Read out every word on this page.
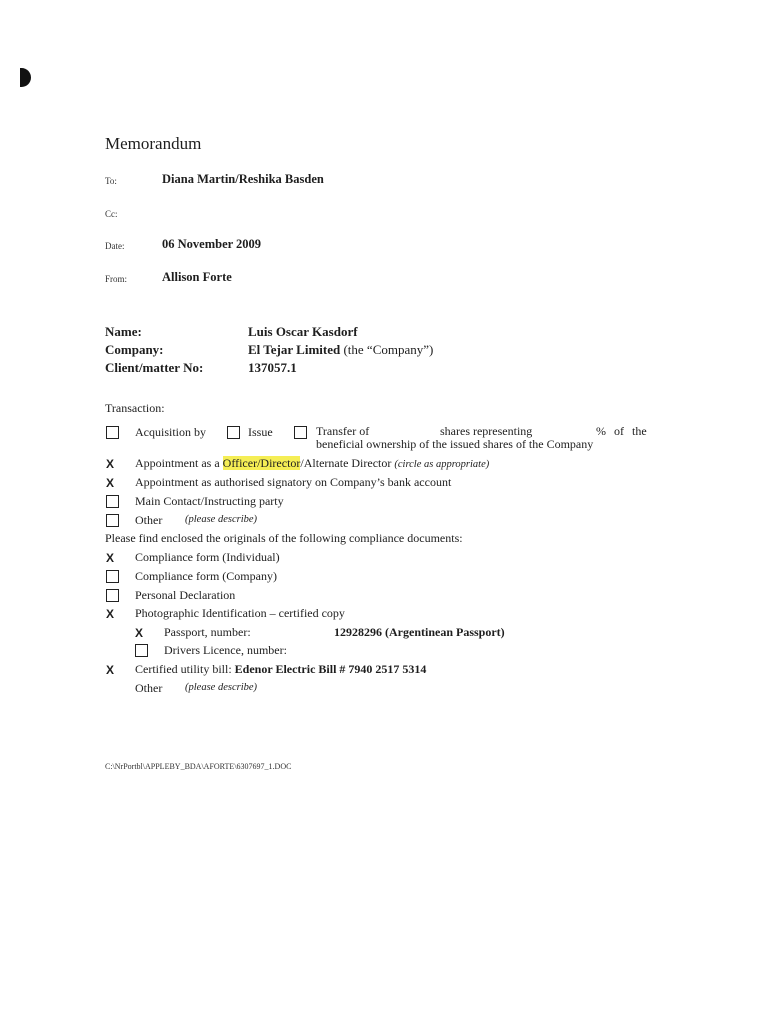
Memorandum
To:	Diana Martin/Reshika Basden
Cc:
Date:	06 November 2009
From:	Allison Forte
Name:	Luis Oscar Kasdorf
Company:	El Tejar Limited (the “Company”)
Client/matter No:	137057.1
Transaction:
Acquisition by	Issue	Transfer of	shares representing	% of the
beneficial ownership of the issued shares of the Company
X Appointment as a Officer/Director/Alternate Director (circle as appropriate)
X Appointment as authorised signatory on Company’s bank account
Main Contact/Instructing party
Other (please describe)
Please find enclosed the originals of the following compliance documents:
X Compliance form (Individual)
Compliance form (Company)
Personal Declaration
X Photographic Identification – certified copy
X Passport, number:	12928296 (Argentinean Passport)
Drivers Licence, number:
X Certified utility bill: Edenor Electric Bill # 7940 2517 5314
Other (please describe)
C:\NrPortbl\APPLEBY_BDA\AFORTE\6307697_1.DOC
